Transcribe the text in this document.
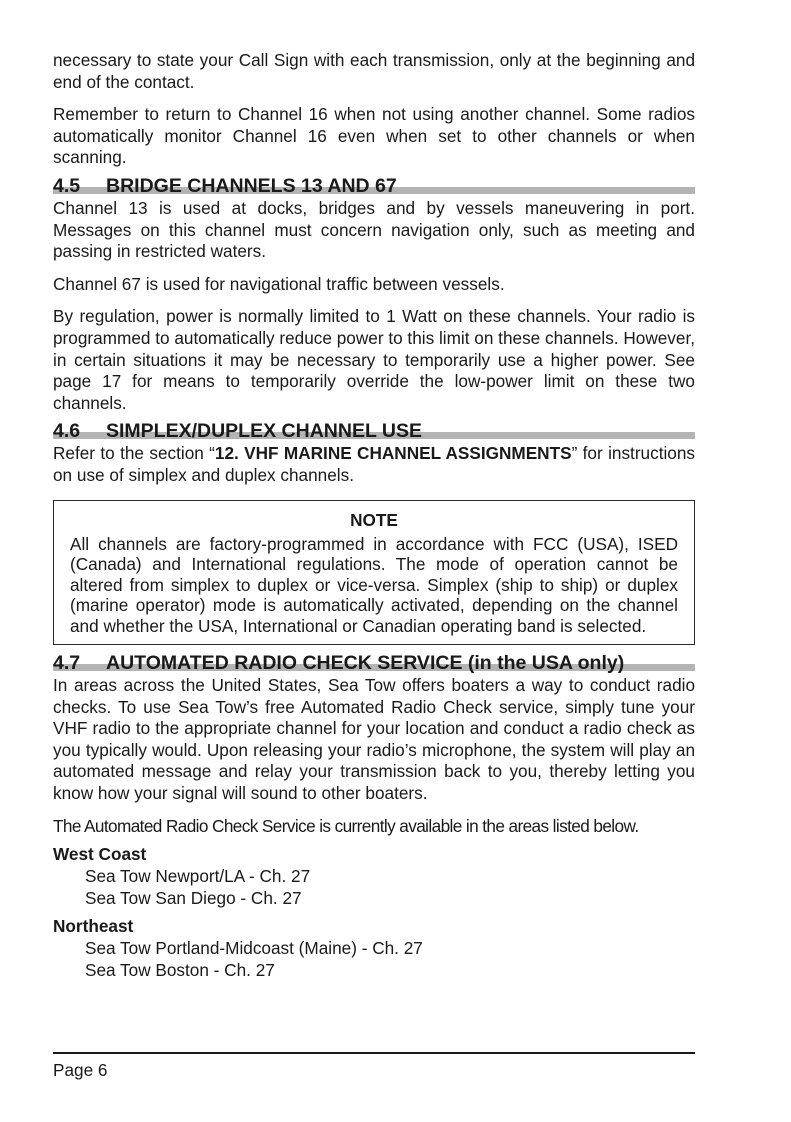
necessary to state your Call Sign with each transmission, only at the beginning and end of the contact.

Remember to return to Channel 16 when not using another channel. Some radios automatically monitor Channel 16 even when set to other channels or when scanning.

4.5 BRIDGE CHANNELS 13 AND 67

Channel 13 is used at docks, bridges and by vessels maneuvering in port. Messages on this channel must concern navigation only, such as meeting and passing in restricted waters.

Channel 67 is used for navigational traffic between vessels.

By regulation, power is normally limited to 1 Watt on these channels. Your radio is programmed to automatically reduce power to this limit on these channels. However, in certain situations it may be necessary to temporarily use a higher power. See page 17 for means to temporarily override the low-power limit on these two channels.

4.6 SIMPLEX/DUPLEX CHANNEL USE

Refer to the section “12. VHF MARINE CHANNEL ASSIGNMENTS” for instructions on use of simplex and duplex channels.

NOTE

All channels are factory-programmed in accordance with FCC (USA), ISED (Canada) and International regulations. The mode of operation cannot be altered from simplex to duplex or vice-versa. Simplex (ship to ship) or duplex (marine operator) mode is automatically activated, depending on the channel and whether the USA, International or Canadian operating band is selected.

4.7 AUTOMATED RADIO CHECK SERVICE (in the USA only)

In areas across the United States, Sea Tow offers boaters a way to conduct radio checks. To use Sea Tow’s free Automated Radio Check service, simply tune your VHF radio to the appropriate channel for your location and conduct a radio check as you typically would. Upon releasing your radio’s microphone, the system will play an automated message and relay your transmission back to you, thereby letting you know how your signal will sound to other boaters.

The Automated Radio Check Service is currently available in the areas listed below.

West Coast
Sea Tow Newport/LA - Ch. 27
Sea Tow San Diego - Ch. 27
Northeast
Sea Tow Portland-Midcoast (Maine) - Ch. 27
Sea Tow Boston - Ch. 27
Page 6
